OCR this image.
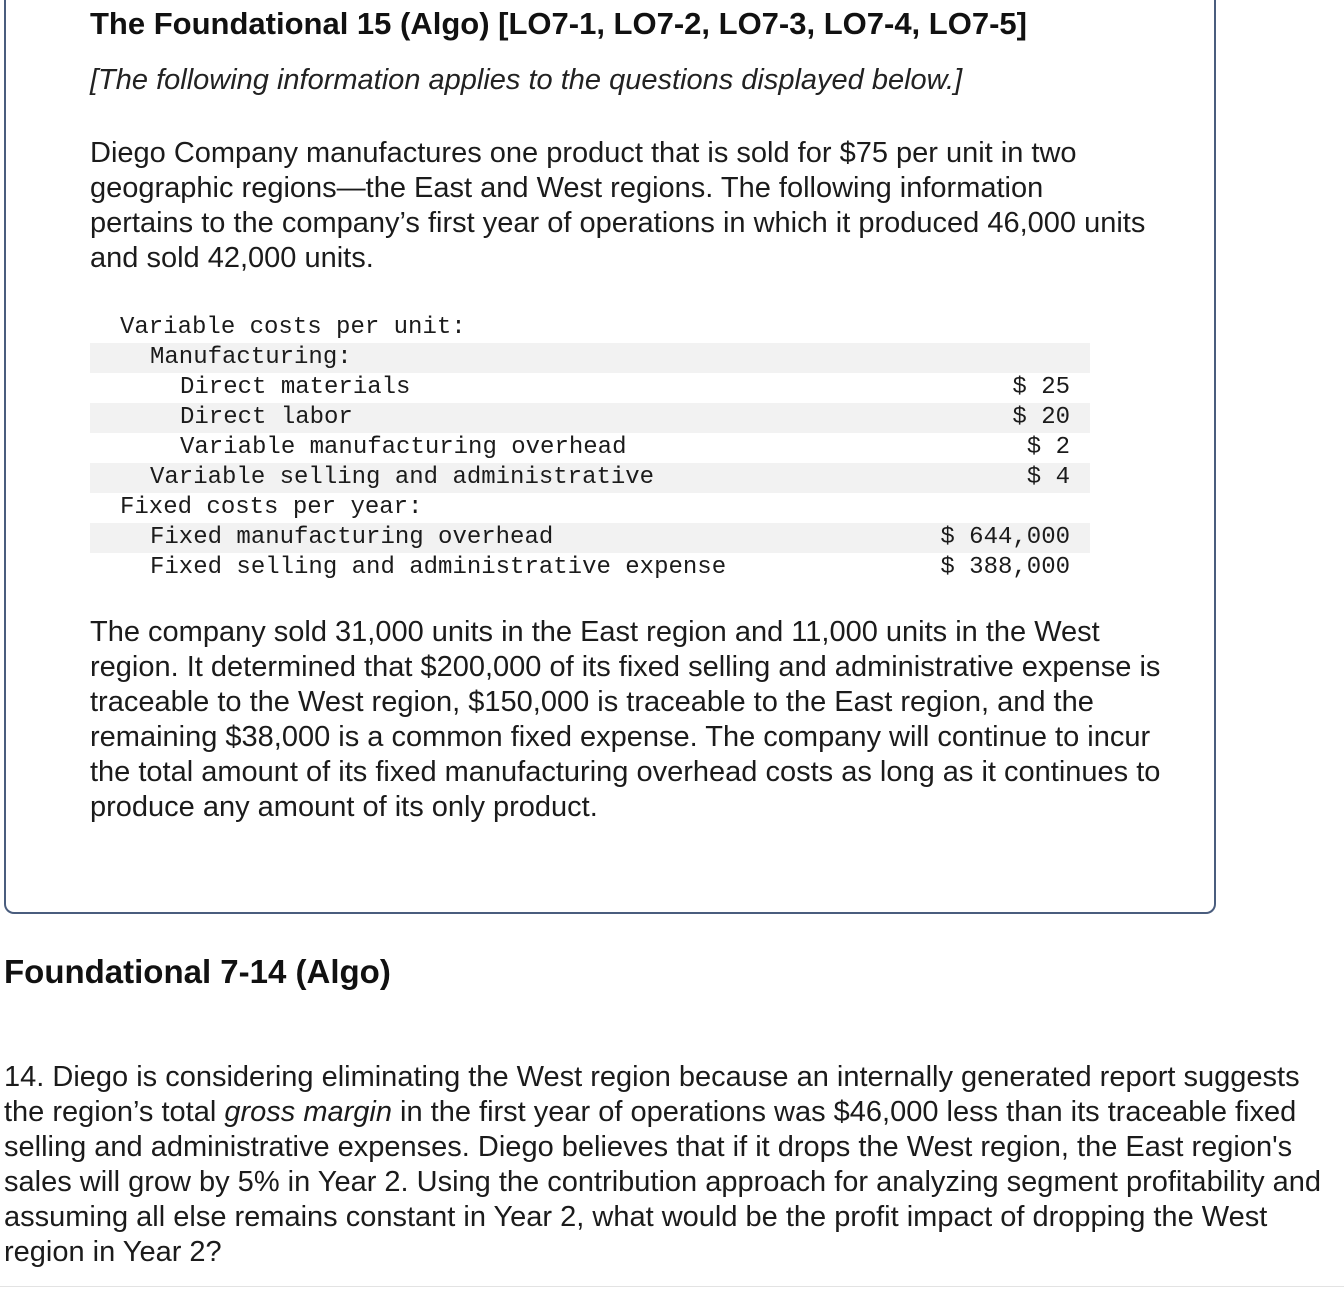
The Foundational 15 (Algo) [LO7-1, LO7-2, LO7-3, LO7-4, LO7-5]
[The following information applies to the questions displayed below.]
Diego Company manufactures one product that is sold for $75 per unit in two geographic regions—the East and West regions. The following information pertains to the company’s first year of operations in which it produced 46,000 units and sold 42,000 units.
Variable costs per unit:
Manufacturing:
Direct materials	$ 25
Direct labor	$ 20
Variable manufacturing overhead	$ 2
Variable selling and administrative	$ 4
Fixed costs per year:
Fixed manufacturing overhead	$ 644,000
Fixed selling and administrative expense	$ 388,000
The company sold 31,000 units in the East region and 11,000 units in the West region. It determined that $200,000 of its fixed selling and administrative expense is traceable to the West region, $150,000 is traceable to the East region, and the remaining $38,000 is a common fixed expense. The company will continue to incur the total amount of its fixed manufacturing overhead costs as long as it continues to produce any amount of its only product.
Foundational 7-14 (Algo)
14. Diego is considering eliminating the West region because an internally generated report suggests the region’s total gross margin in the first year of operations was $46,000 less than its traceable fixed selling and administrative expenses. Diego believes that if it drops the West region, the East region's sales will grow by 5% in Year 2. Using the contribution approach for analyzing segment profitability and assuming all else remains constant in Year 2, what would be the profit impact of dropping the West region in Year 2?
